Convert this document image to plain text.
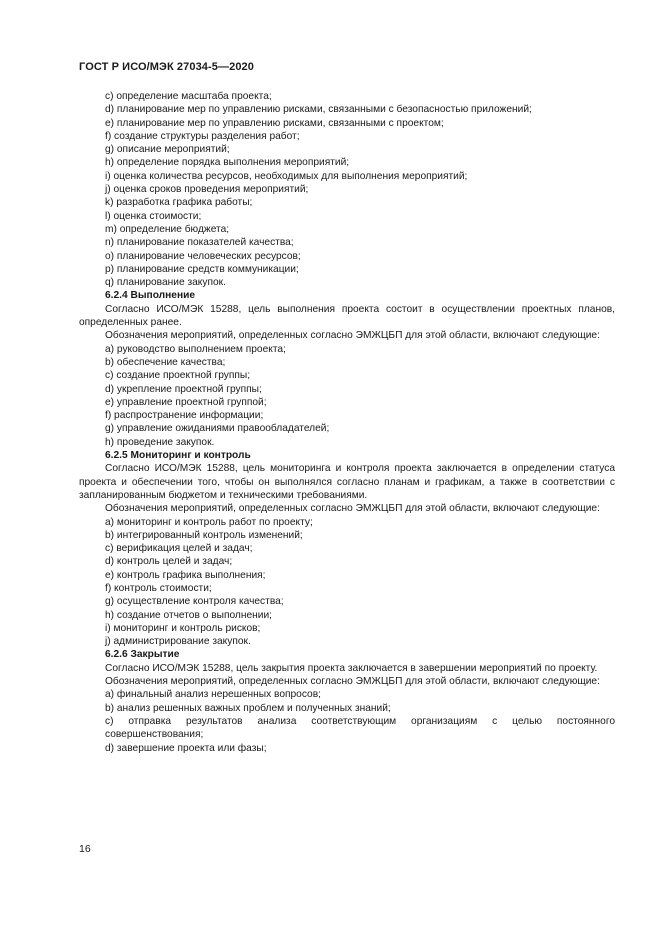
ГОСТ Р ИСО/МЭК 27034-5—2020
c) определение масштаба проекта;
d) планирование мер по управлению рисками, связанными с безопасностью приложений;
e) планирование мер по управлению рисками, связанными с проектом;
f) создание структуры разделения работ;
g) описание мероприятий;
h) определение порядка выполнения мероприятий;
i) оценка количества ресурсов, необходимых для выполнения мероприятий;
j) оценка сроков проведения мероприятий;
k) разработка графика работы;
l) оценка стоимости;
m) определение бюджета;
n) планирование показателей качества;
o) планирование человеческих ресурсов;
p) планирование средств коммуникации;
q) планирование закупок.
6.2.4 Выполнение
Согласно ИСО/МЭК 15288, цель выполнения проекта состоит в осуществлении проектных планов, определенных ранее.
Обозначения мероприятий, определенных согласно ЭМЖЦБП для этой области, включают следующие:
a) руководство выполнением проекта;
b) обеспечение качества;
c) создание проектной группы;
d) укрепление проектной группы;
e) управление проектной группой;
f) распространение информации;
g) управление ожиданиями правообладателей;
h) проведение закупок.
6.2.5 Мониторинг и контроль
Согласно ИСО/МЭК 15288, цель мониторинга и контроля проекта заключается в определении статуса проекта и обеспечении того, чтобы он выполнялся согласно планам и графикам, а также в соответствии с запланированным бюджетом и техническими требованиями.
Обозначения мероприятий, определенных согласно ЭМЖЦБП для этой области, включают следующие:
a) мониторинг и контроль работ по проекту;
b) интегрированный контроль изменений;
c) верификация целей и задач;
d) контроль целей и задач;
e) контроль графика выполнения;
f) контроль стоимости;
g) осуществление контроля качества;
h) создание отчетов о выполнении;
i) мониторинг и контроль рисков;
j) администрирование закупок.
6.2.6 Закрытие
Согласно ИСО/МЭК 15288, цель закрытия проекта заключается в завершении мероприятий по проекту.
Обозначения мероприятий, определенных согласно ЭМЖЦБП для этой области, включают следующие:
a) финальный анализ нерешенных вопросов;
b) анализ решенных важных проблем и полученных знаний;
c) отправка результатов анализа соответствующим организациям с целью постоянного совершенствования;
d) завершение проекта или фазы;
16
